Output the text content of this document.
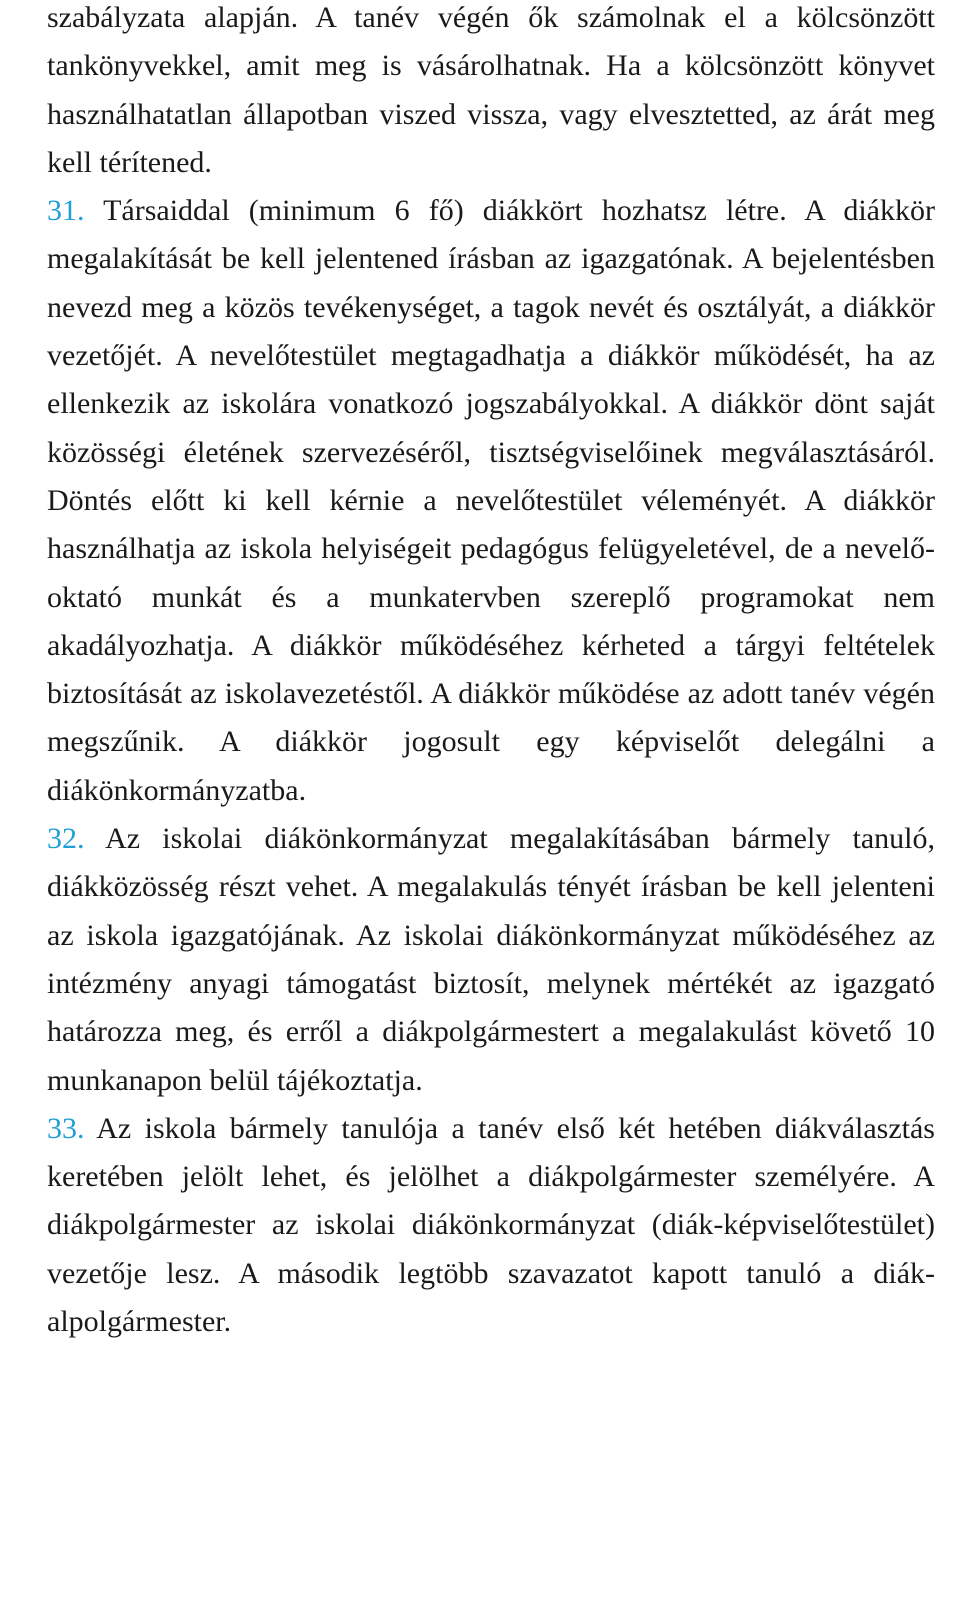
szabályzata alapján. A tanév végén ők számolnak el a kölcsönzött tankönyvekkel, amit meg is vásárolhatnak. Ha a kölcsönzött könyvet használhatatlan állapotban viszed vissza, vagy elvesztetted, az árát meg kell térítened.

31. Társaiddal (minimum 6 fő) diákkört hozhatsz létre. A diákkör megalakítását be kell jelentened írásban az igazgatónak. A bejelentésben nevezd meg a közös tevékenységet, a tagok nevét és osztályát, a diákkör vezetőjét. A nevelőtestület megtagadhatja a diákkör működését, ha az ellenkezik az iskolára vonatkozó jogszabályokkal. A diákkör dönt saját közösségi életének szervezéséről, tisztségviselőinek megválasztásáról. Döntés előtt ki kell kérnie a nevelőtestület véleményét. A diákkör használhatja az iskola helyiségeit pedagógus felügyeletével, de a nevelő-oktató munkát és a munkatervben szereplő programokat nem akadályozhatja. A diákkör működéséhez kérheted a tárgyi feltételek biztosítását az iskolavezetéstől. A diákkör működése az adott tanév végén megszűnik. A diákkör jogosult egy képviselőt delegálni a diákönkormányzatba.

32. Az iskolai diákönkormányzat megalakításában bármely tanuló, diákközösség részt vehet. A megalakulás tényét írásban be kell jelenteni az iskola igazgatójának. Az iskolai diákönkormányzat működéséhez az intézmény anyagi támogatást biztosít, melynek mértékét az igazgató határozza meg, és erről a diákpolgármestert a megalakulást követő 10 munkanapon belül tájékoztatja.

33. Az iskola bármely tanulója a tanév első két hetében diákválasztás keretében jelölt lehet, és jelölhet a diákpolgármester személyére. A diákpolgármester az iskolai diákönkormányzat (diák-képviselőtestület) vezetője lesz. A második legtöbb szavazatot kapott tanuló a diák-alpolgármester.
